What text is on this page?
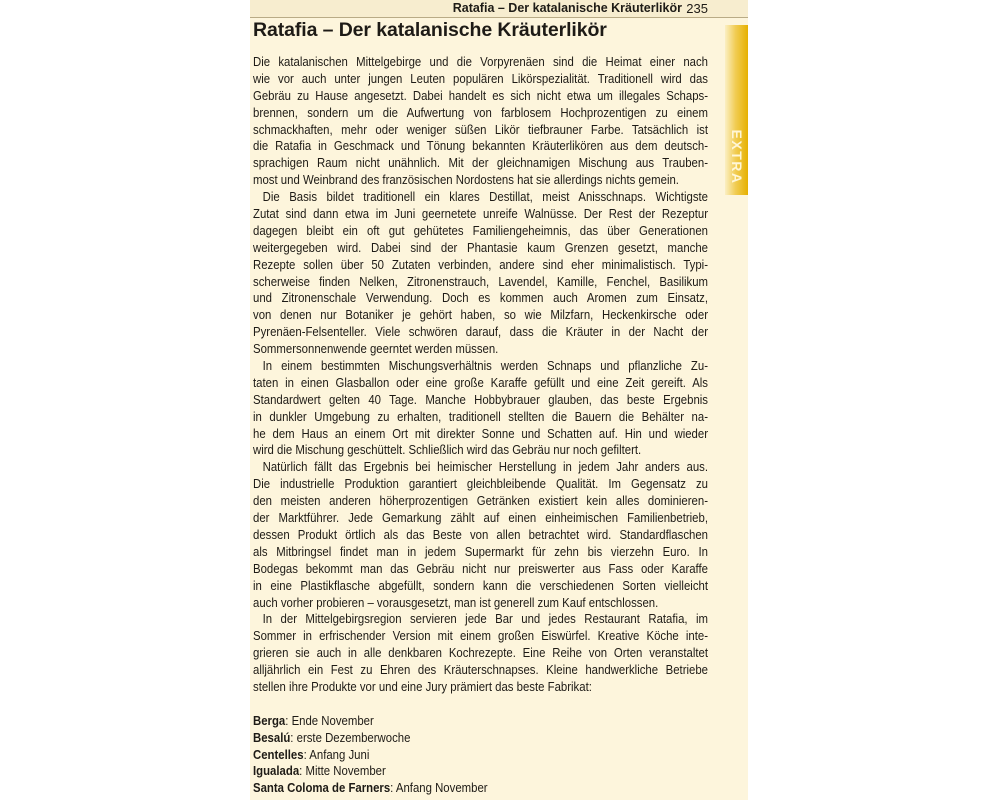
Ratafia – Der katalanische Kräuterlikör 235
Ratafia – Der katalanische Kräuterlikör
EXTRA
Die katalanischen Mittelgebirge und die Vorpyrenäen sind die Heimat einer nach
wie vor auch unter jungen Leuten populären Likörspezialität. Traditionell wird das
Gebräu zu Hause angesetzt. Dabei handelt es sich nicht etwa um illegales Schaps-
brennen, sondern um die Aufwertung von farblosem Hochprozentigen zu einem
schmackhaften, mehr oder weniger süßen Likör tiefbrauner Farbe. Tatsächlich ist
die Ratafia in Geschmack und Tönung bekannten Kräuterlikören aus dem deutsch-
sprachigen Raum nicht unähnlich. Mit der gleichnamigen Mischung aus Trauben-
most und Weinbrand des französischen Nordostens hat sie allerdings nichts gemein.
Die Basis bildet traditionell ein klares Destillat, meist Anisschnaps. Wichtigste
Zutat sind dann etwa im Juni geernetete unreife Walnüsse. Der Rest der Rezeptur
dagegen bleibt ein oft gut gehütetes Familiengeheimnis, das über Generationen
weitergegeben wird. Dabei sind der Phantasie kaum Grenzen gesetzt, manche
Rezepte sollen über 50 Zutaten verbinden, andere sind eher minimalistisch. Typi-
scherweise finden Nelken, Zitronenstrauch, Lavendel, Kamille, Fenchel, Basilikum
und Zitronenschale Verwendung. Doch es kommen auch Aromen zum Einsatz,
von denen nur Botaniker je gehört haben, so wie Milzfarn, Heckenkirsche oder
Pyrenäen-Felsenteller. Viele schwören darauf, dass die Kräuter in der Nacht der
Sommersonnenwende geerntet werden müssen.
In einem bestimmten Mischungsverhältnis werden Schnaps und pflanzliche Zu-
taten in einen Glasballon oder eine große Karaffe gefüllt und eine Zeit gereift. Als
Standardwert gelten 40 Tage. Manche Hobbybrauer glauben, das beste Ergebnis
in dunkler Umgebung zu erhalten, traditionell stellten die Bauern die Behälter na-
he dem Haus an einem Ort mit direkter Sonne und Schatten auf. Hin und wieder
wird die Mischung geschüttelt. Schließlich wird das Gebräu nur noch gefiltert.
Natürlich fällt das Ergebnis bei heimischer Herstellung in jedem Jahr anders aus.
Die industrielle Produktion garantiert gleichbleibende Qualität. Im Gegensatz zu
den meisten anderen höherprozentigen Getränken existiert kein alles dominieren-
der Marktführer. Jede Gemarkung zählt auf einen einheimischen Familienbetrieb,
dessen Produkt örtlich als das Beste von allen betrachtet wird. Standardflaschen
als Mitbringsel findet man in jedem Supermarkt für zehn bis vierzehn Euro. In
Bodegas bekommt man das Gebräu nicht nur preiswerter aus Fass oder Karaffe
in eine Plastikflasche abgefüllt, sondern kann die verschiedenen Sorten vielleicht
auch vorher probieren – vorausgesetzt, man ist generell zum Kauf entschlossen.
In der Mittelgebirgsregion servieren jede Bar und jedes Restaurant Ratafia, im
Sommer in erfrischender Version mit einem großen Eiswürfel. Kreative Köche inte-
grieren sie auch in alle denkbaren Kochrezepte. Eine Reihe von Orten veranstaltet
alljährlich ein Fest zu Ehren des Kräuterschnapses. Kleine handwerkliche Betriebe
stellen ihre Produkte vor und eine Jury prämiert das beste Fabrikat:
Berga: Ende November
Besalú: erste Dezemberwoche
Centelles: Anfang Juni
Igualada: Mitte November
Santa Coloma de Farners: Anfang November
